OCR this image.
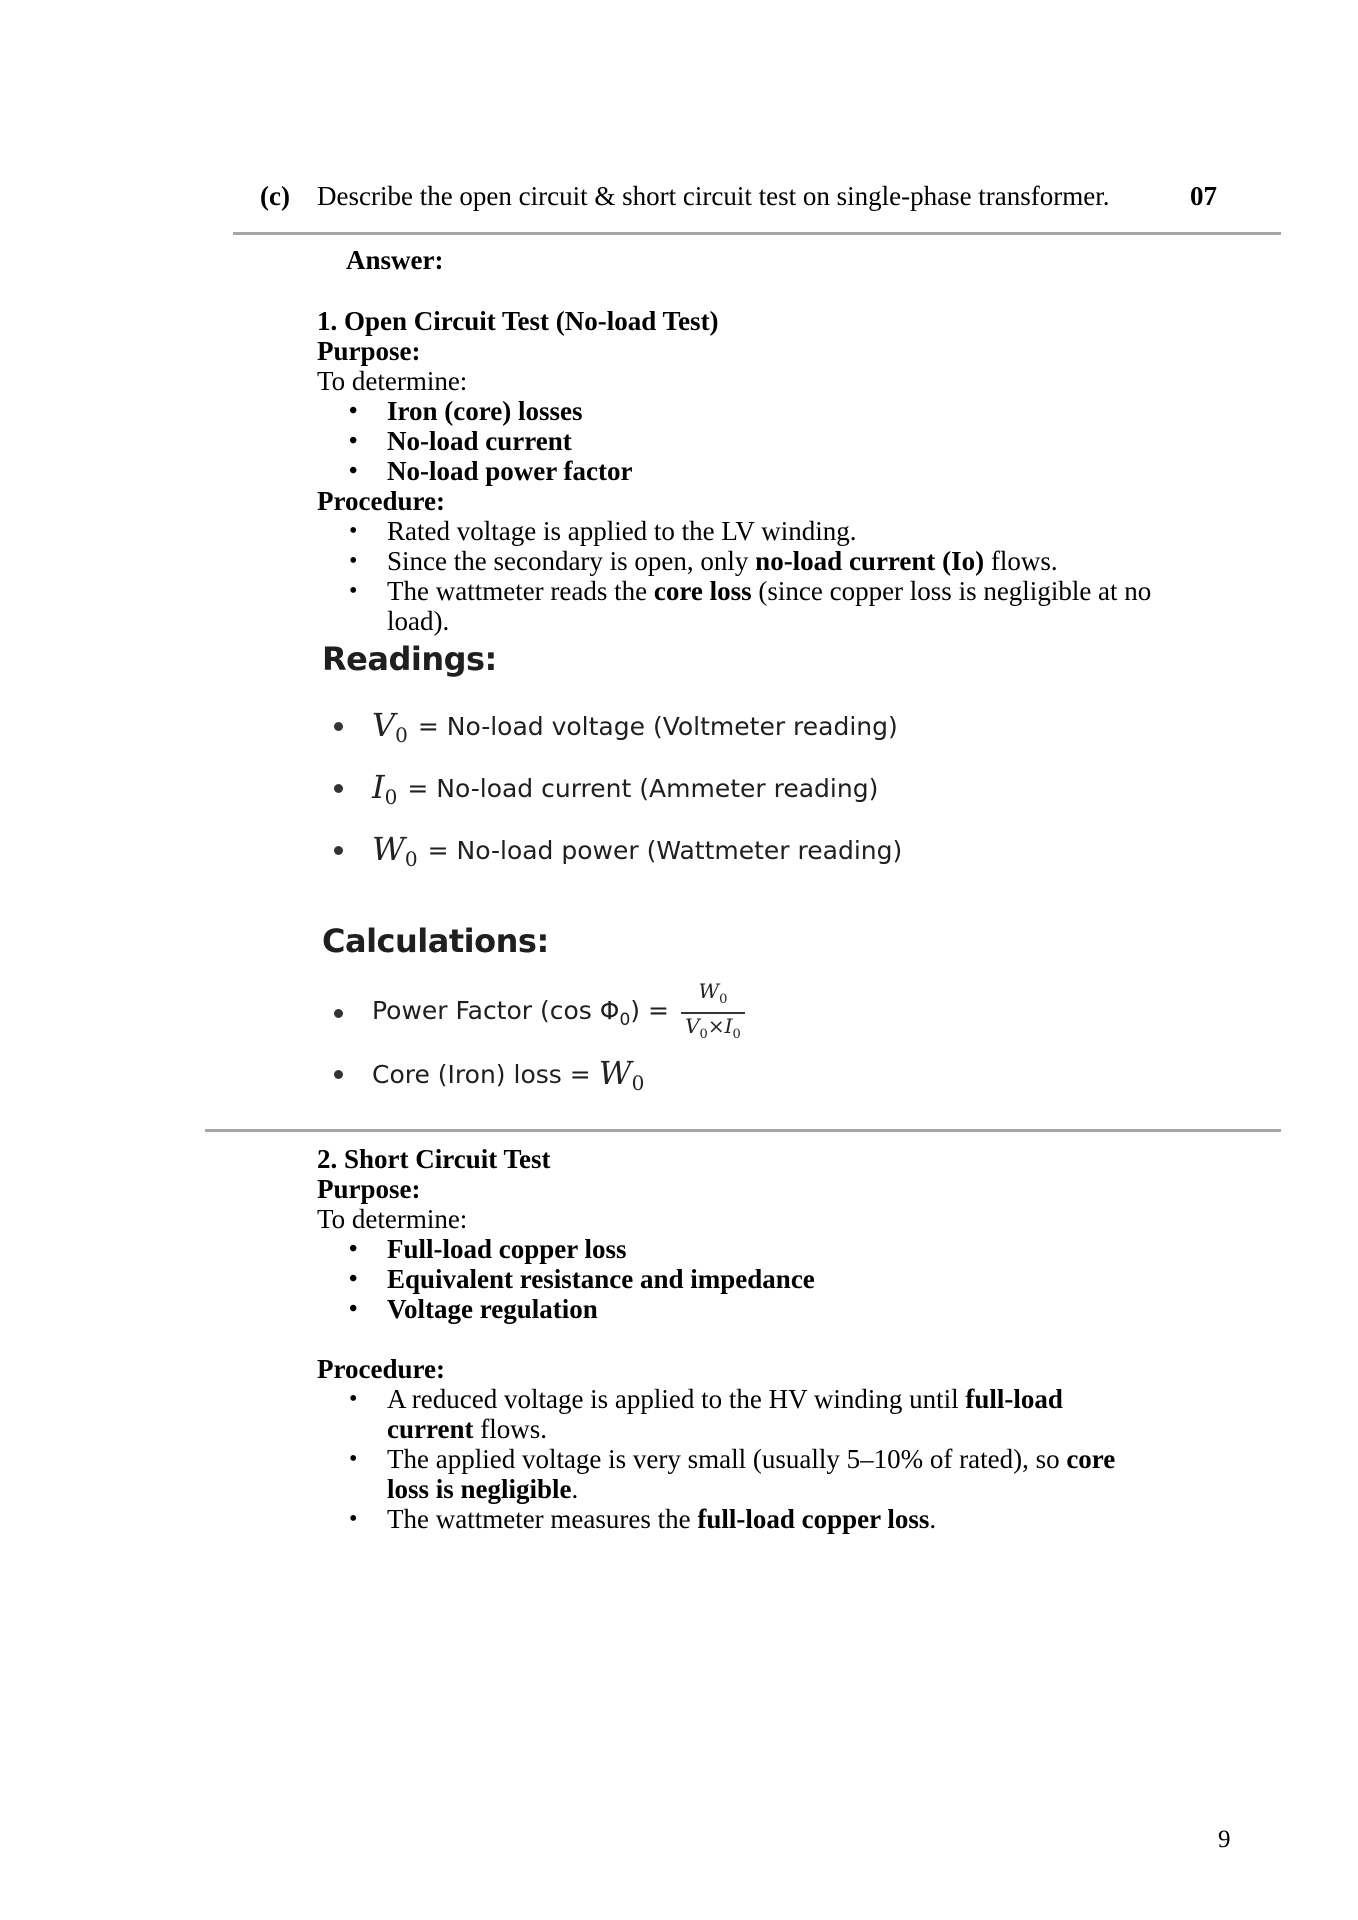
(c) Describe the open circuit & short circuit test on single-phase transformer.	07
Answer:
1. Open Circuit Test (No-load Test)
Purpose:
To determine:
• Iron (core) losses
• No-load current
• No-load power factor
Procedure:
• Rated voltage is applied to the LV winding.
• Since the secondary is open, only no-load current (Io) flows.
• The wattmeter reads the core loss (since copper loss is negligible at no
load).
Readings:
$V_0$ = No-load voltage (Voltmeter reading)
$I_0$ = No-load current (Ammeter reading)
$W_0$ = No-load power (Wattmeter reading)
Calculations:
Power Factor (cos $\Phi_0) = \frac{W_0}{V_0\times I_0}$
Core (Iron) loss = $W_0$
2. Short Circuit Test
Purpose:
To determine:
• Full-load copper loss
• Equivalent resistance and impedance
• Voltage regulation
Procedure:
• A reduced voltage is applied to the HV winding until full-load
current flows.
• The applied voltage is very small (usually 5–10% of rated), so core
loss is negligible.
• The wattmeter measures the full-load copper loss.
9
